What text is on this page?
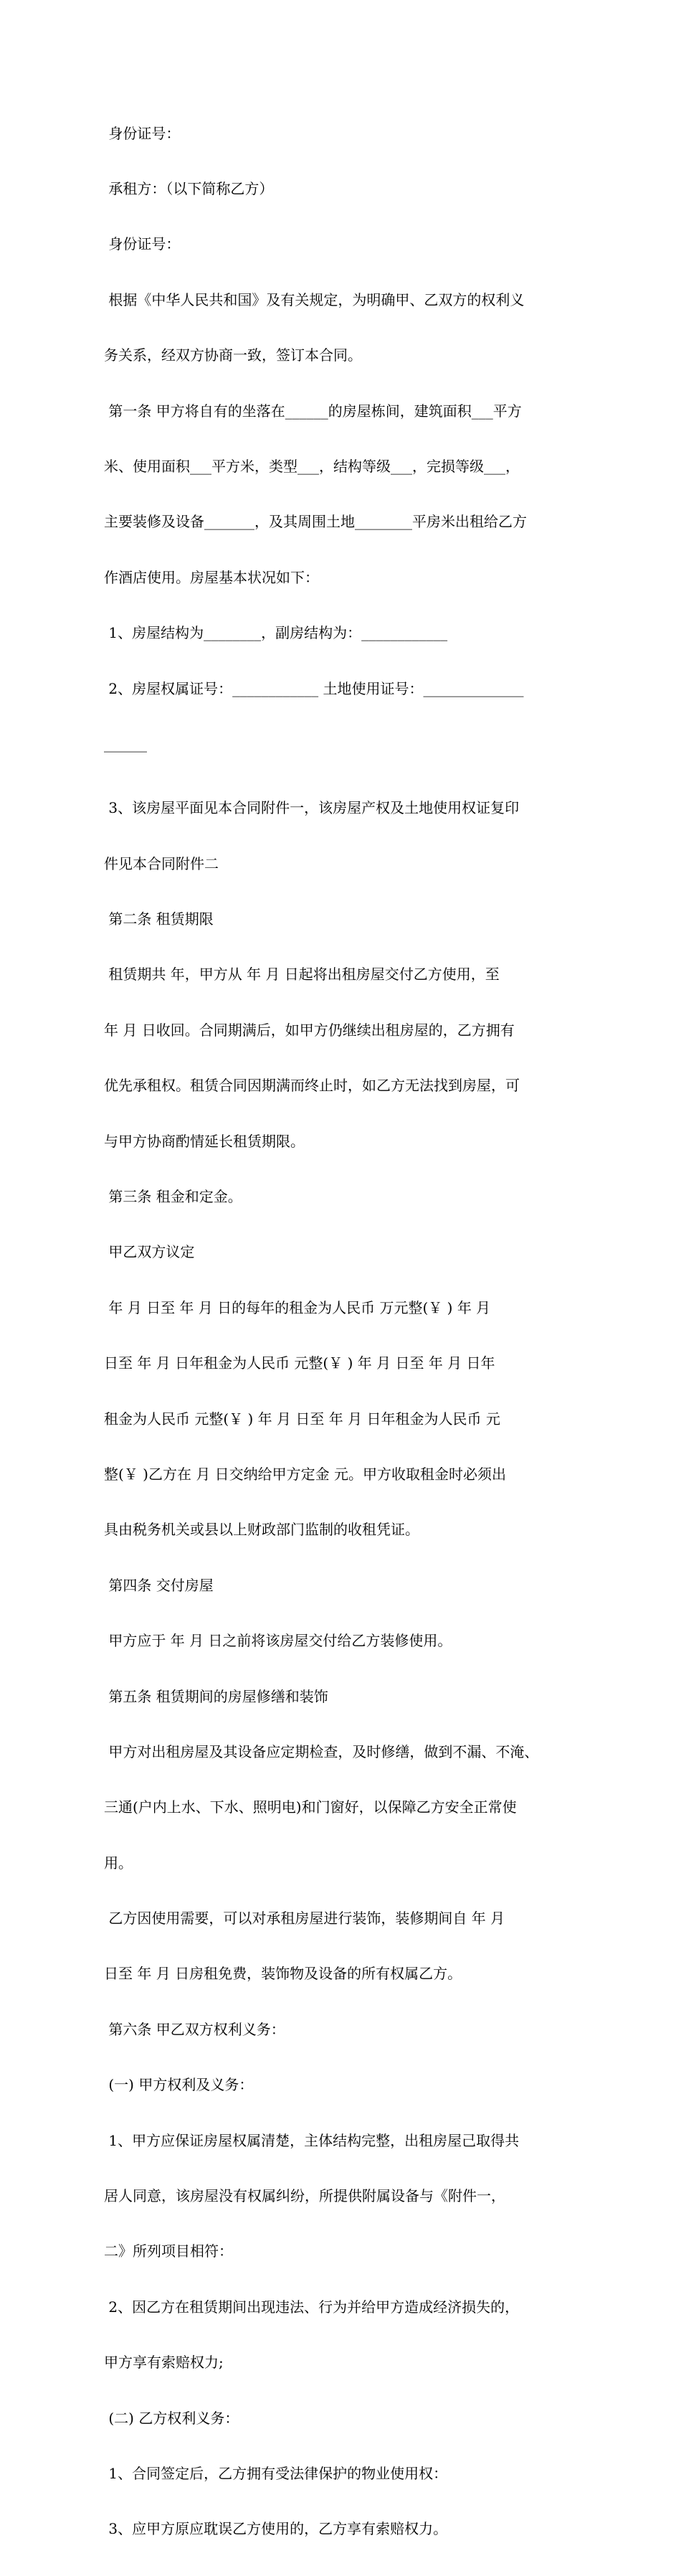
身份证号：

承租方：（以下简称乙方）

身份证号：

根据《中华人民共和国》及有关规定，为明确甲、乙双方的权利义

务关系，经双方协商一致，签订本合同。

第一条 甲方将自有的坐落在______的房屋栋间，建筑面积___平方

米、使用面积___平方米，类型___，结构等级___，完损等级___，

主要装修及设备_______，及其周围土地________平房米出租给乙方

作酒店使用。房屋基本状况如下：

1、房屋结构为________，副房结构为：____________

2、房屋权属证号：____________ 土地使用证号：______________

______

3、该房屋平面见本合同附件一，该房屋产权及土地使用权证复印

件见本合同附件二

第二条 租赁期限

租赁期共 年，甲方从 年 月 日起将出租房屋交付乙方使用，至

年 月 日收回。合同期满后，如甲方仍继续出租房屋的，乙方拥有

优先承租权。租赁合同因期满而终止时，如乙方无法找到房屋，可

与甲方协商酌情延长租赁期限。

第三条 租金和定金。

甲乙双方议定

年 月 日至 年 月 日的每年的租金为人民币 万元整(￥ ) 年 月

日至 年 月 日年租金为人民币 元整(￥ ) 年 月 日至 年 月 日年

租金为人民币 元整(￥ ) 年 月 日至 年 月 日年租金为人民币 元

整(￥ )乙方在 月 日交纳给甲方定金 元。甲方收取租金时必须出

具由税务机关或县以上财政部门监制的收租凭证。

第四条 交付房屋

甲方应于 年 月 日之前将该房屋交付给乙方装修使用。

第五条 租赁期间的房屋修缮和装饰

甲方对出租房屋及其设备应定期检查，及时修缮，做到不漏、不淹、

三通(户内上水、下水、照明电)和门窗好，以保障乙方安全正常使

用。

乙方因使用需要，可以对承租房屋进行装饰，装修期间自 年 月

日至 年 月 日房租免费，装饰物及设备的所有权属乙方。

第六条 甲乙双方权利义务：

(一) 甲方权利及义务：

1、甲方应保证房屋权属清楚，主体结构完整，出租房屋己取得共

居人同意，该房屋没有权属纠纷，所提供附属设备与《附件一，

二》所列项目相符：

2、因乙方在租赁期间出现违法、行为并给甲方造成经济损失的，

甲方享有索赔权力;

(二) 乙方权利义务：

1、合同签定后，乙方拥有受法律保护的物业使用权：

3、应甲方原应耽误乙方使用的，乙方享有索赔权力。
